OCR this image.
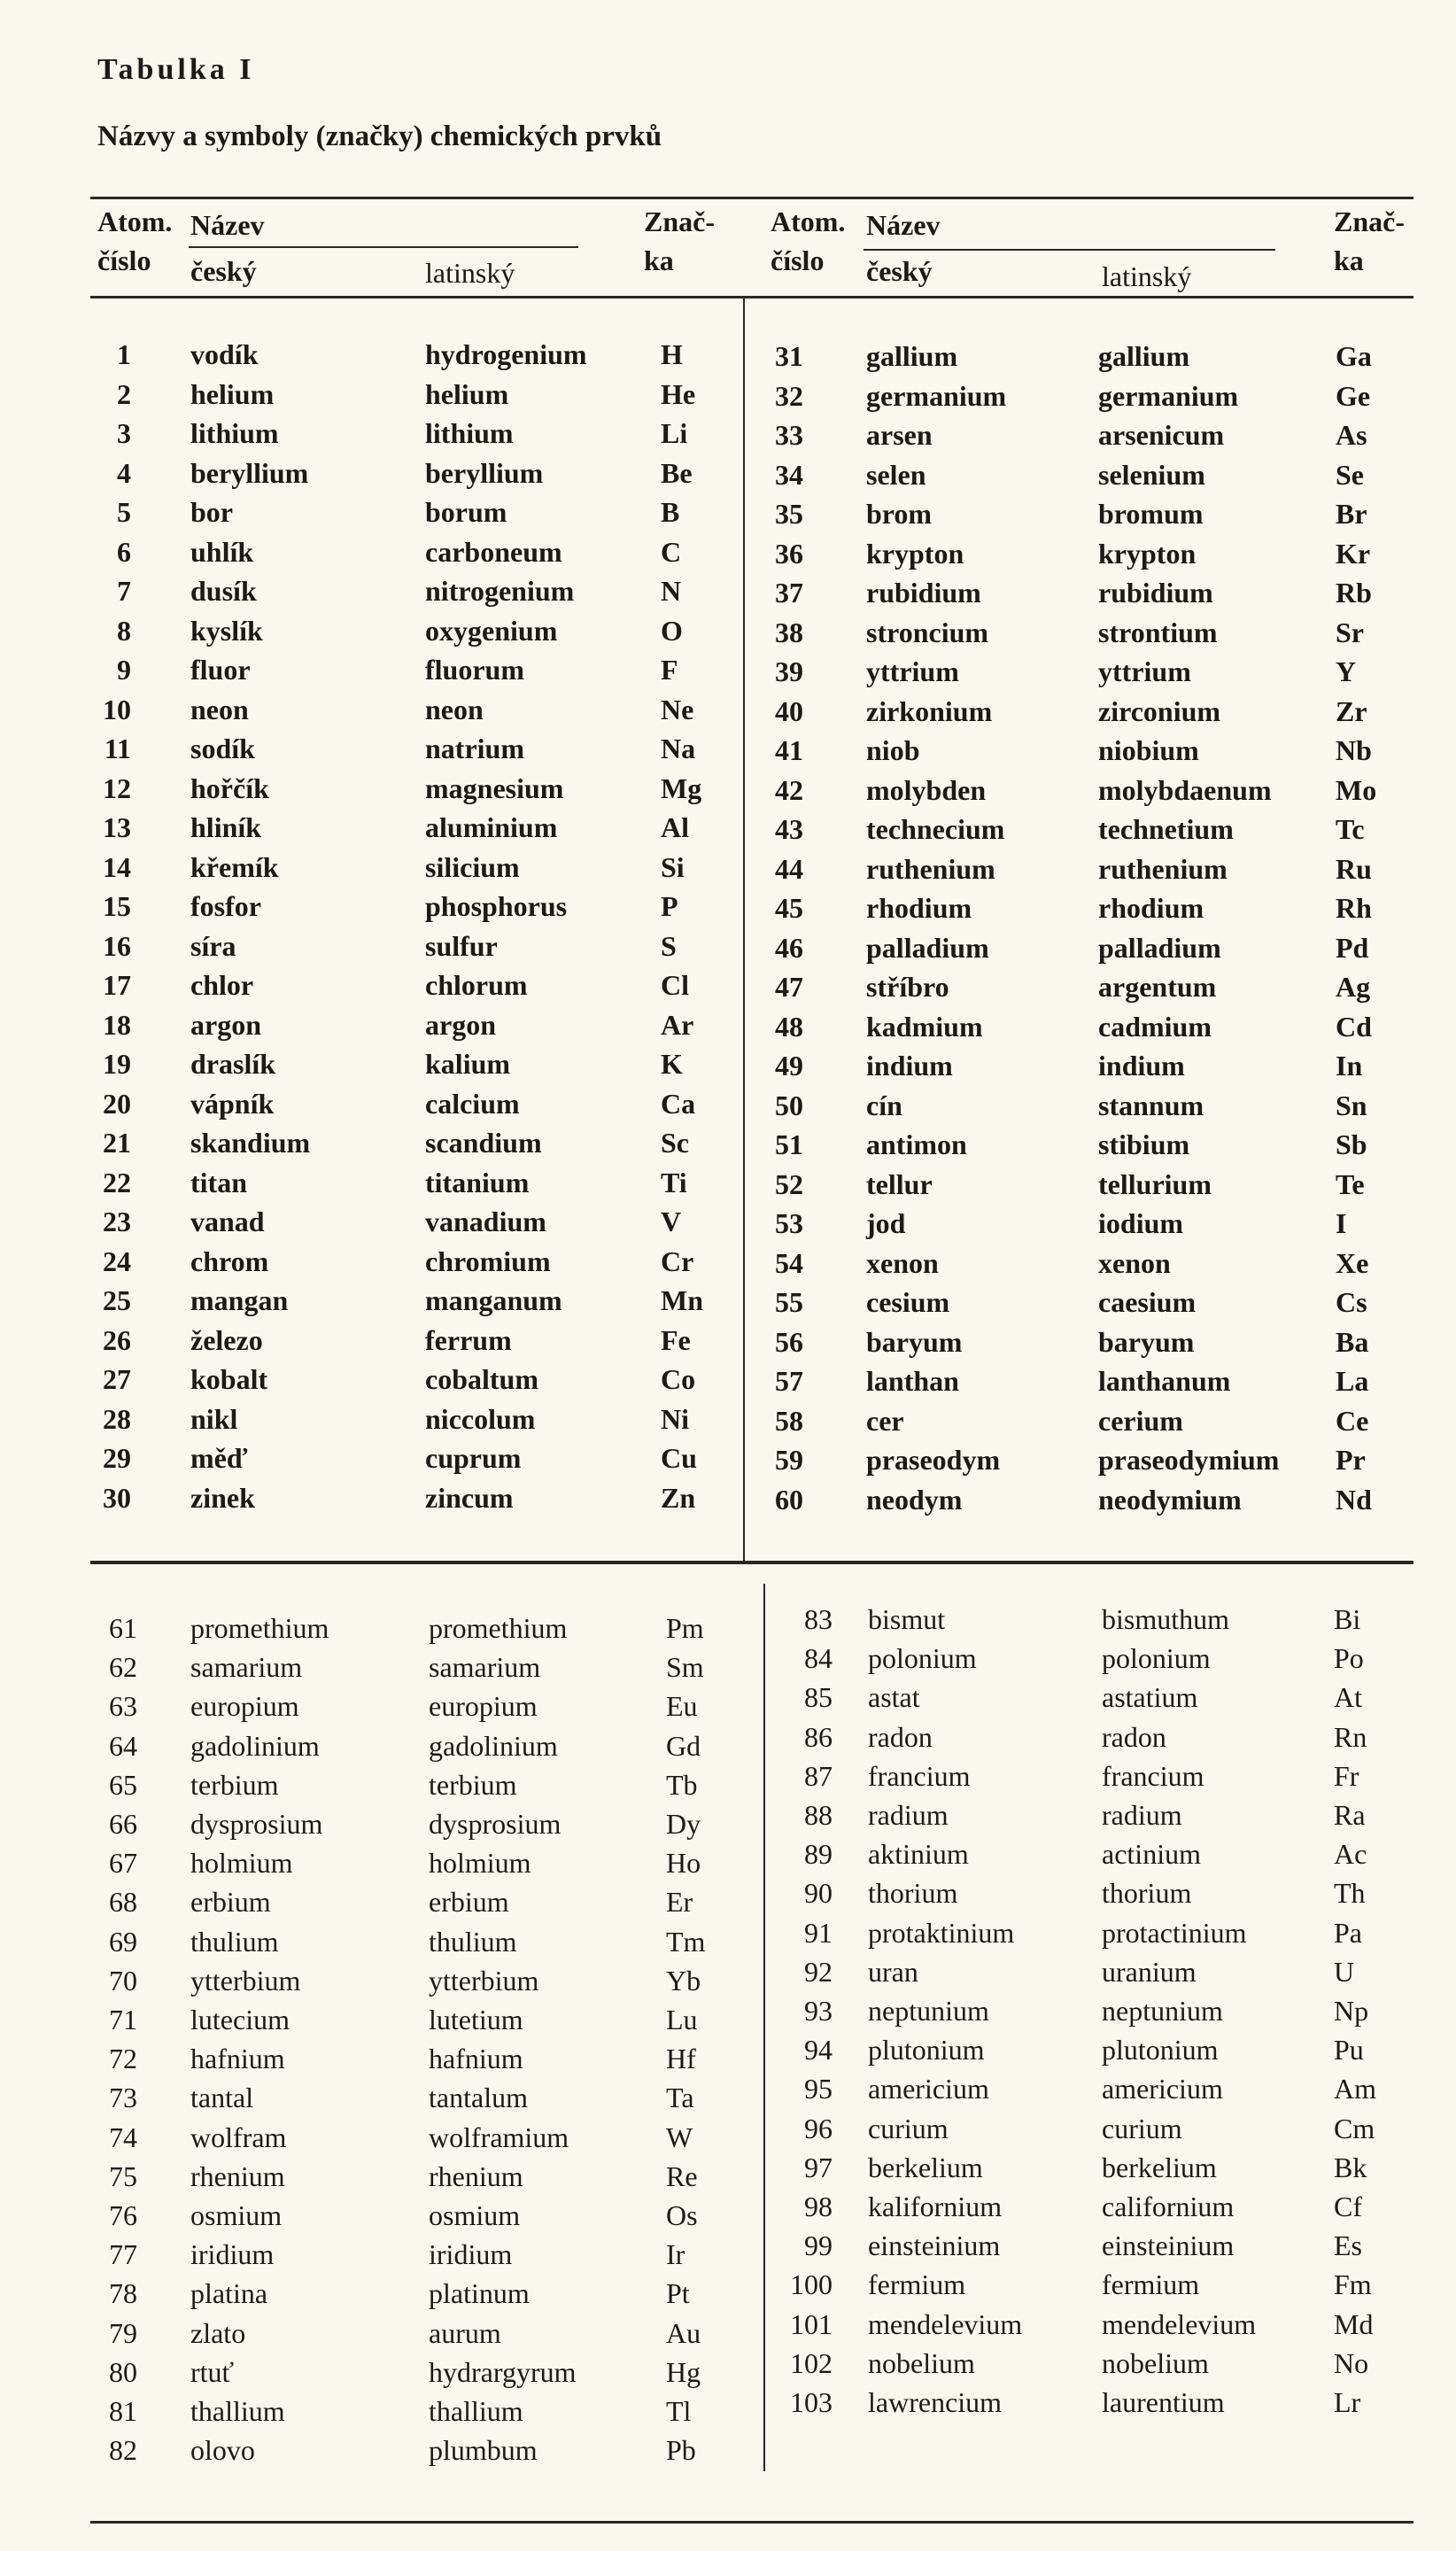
Tabulka I
Názvy a symboly (značky) chemických prvků
Atom.
číslo
Název
český	latinský
Znač-
ka
Atom.
číslo
Název
český	latinský
Znač-
ka
1 vodík	hydrogenium	H
2 helium	helium	He
3 lithium	lithium	Li
4 beryllium	beryllium	Be
5 bor	borum	B
6 uhlík	carboneum	C
7 dusík	nitrogenium	N
8 kyslík	oxygenium	O
9 fluor	fluorum	F
10 neon	neon	Ne
11 sodík	natrium	Na
12 hořčík	magnesium	Mg
13 hliník	aluminium	Al
14 křemík	silicium	Si
15 fosfor	phosphorus	P
16 síra	sulfur	S
17 chlor	chlorum	Cl
18 argon	argon	Ar
19 draslík	kalium	K
20 vápník	calcium	Ca
21 skandium	scandium	Sc
22 titan	titanium	Ti
23 vanad	vanadium	V
24 chrom	chromium	Cr
25 mangan	manganum	Mn
26 železo	ferrum	Fe
27 kobalt	cobaltum	Co
28 nikl	niccolum	Ni
29 měď	cuprum	Cu
30 zinek	zincum	Zn
31 gallium	gallium	Ga
32 germanium	germanium	Ge
33 arsen	arsenicum	As
34 selen	selenium	Se
35 brom	bromum	Br
36 krypton	krypton	Kr
37 rubidium	rubidium	Rb
38 stroncium	strontium	Sr
39 yttrium	yttrium	Y
40 zirkonium	zirconium	Zr
41 niob	niobium	Nb
42 molybden	molybdaenum Mo
43 technecium	technetium	Tc
44 ruthenium	ruthenium	Ru
45 rhodium	rhodium	Rh
46 palladium	palladium	Pd
47 stříbro	argentum	Ag
48 kadmium	cadmium	Cd
49 indium	indium	In
50 cín	stannum	Sn
51 antimon	stibium	Sb
52 tellur	tellurium	Te
53 jod	iodium	I
54 xenon	xenon	Xe
55 cesium	caesium	Cs
56 baryum	baryum	Ba
57 lanthan	lanthanum	La
58 cer	cerium	Ce
59 praseodym	praseodymium Pr
60 neodym	neodymium	Nd
61 promethium	promethium	Pm
62 samarium	samarium	Sm
63 europium	europium	Eu
64 gadolinium	gadolinium	Gd
65 terbium	terbium	Tb
66 dysprosium	dysprosium	Dy
67 holmium	holmium	Ho
68 erbium	erbium	Er
69 thulium	thulium	Tm
70 ytterbium	ytterbium	Yb
71 lutecium	lutetium	Lu
72 hafnium	hafnium	Hf
73 tantal	tantalum	Ta
74 wolfram	wolframium	W
75 rhenium	rhenium	Re
76 osmium	osmium	Os
77 iridium	iridium	Ir
78 platina	platinum	Pt
79 zlato	aurum	Au
80 rtuť	hydrargyrum	Hg
81 thallium	thallium	Tl
82 olovo	plumbum	Pb
83 bismut	bismuthum	Bi
84 polonium	polonium	Po
85 astat	astatium	At
86 radon	radon	Rn
87 francium	francium	Fr
88 radium	radium	Ra
89 aktinium	actinium	Ac
90 thorium	thorium	Th
91 protaktinium	protactinium	Pa
92 uran	uranium	U
93 neptunium	neptunium	Np
94 plutonium	plutonium	Pu
95 americium	americium	Am
96 curium	curium	Cm
97 berkelium	berkelium	Bk
98 kalifornium	californium	Cf
99 einsteinium	einsteinium	Es
100 fermium	fermium	Fm
101 mendelevium	mendelevium	Md
102 nobelium	nobelium	No
103 lawrencium	laurentium	Lr
